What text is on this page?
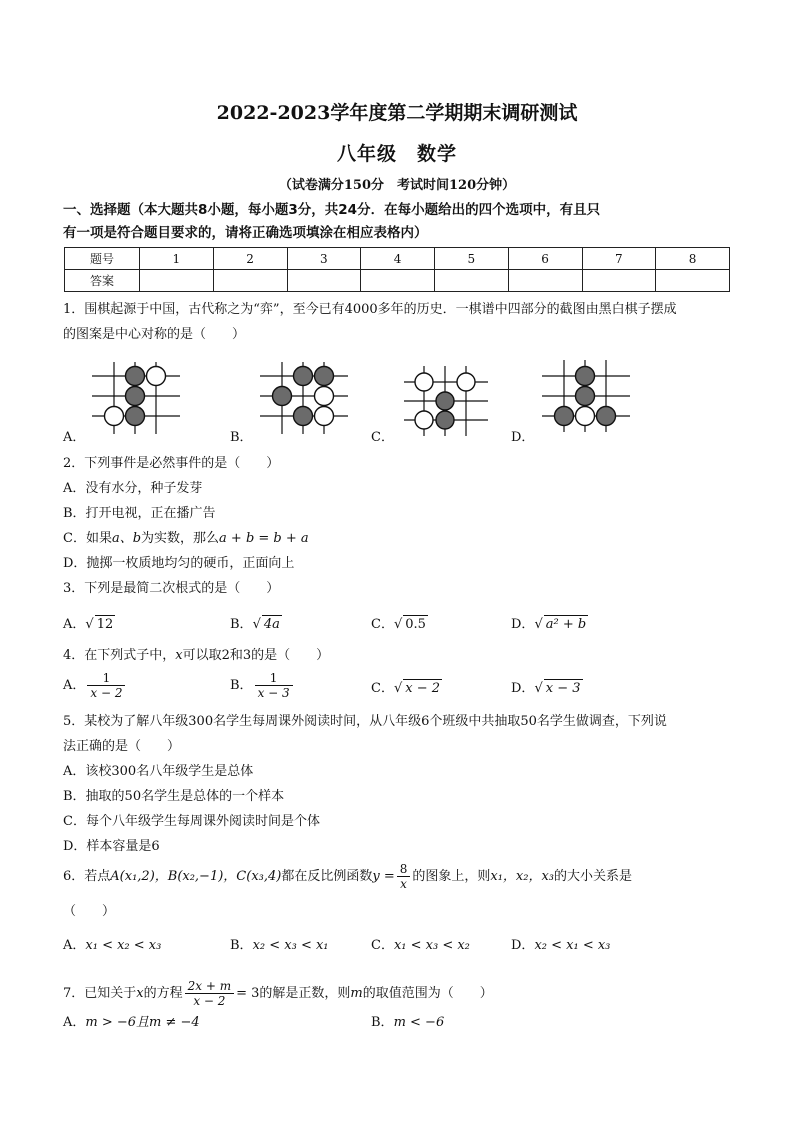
2022-2023学年度第二学期期末调研测试
八年级　数学
（试卷满分150分　考试时间120分钟）
一、选择题（本大题共8小题，每小题3分，共24分．在每小题给出的四个选项中，有且只
有一项是符合题目要求的，请将正确选项填涂在相应表格内）
题号	1	2	3	4	5	6	7	8
答案								
1．围棋起源于中国，古代称之为“弈”，至今已有4000多年的历史．一棋谱中四部分的截图由黑白棋子摆成
的图案是中心对称的是（　　）
A．	B．	C．	D．
2．下列事件是必然事件的是（　　）
A．没有水分，种子发芽
B．打开电视，正在播广告
C．如果a、b为实数，那么a + b = b + a
D．抛掷一枚质地均匀的硬币，正面向上
3．下列是最简二次根式的是（　　）
A．√ 12	B．√ 4a	C．√ 0.5	D．√ a² + b
4．在下列式子中，x可以取2和3的是（　　）
A． $\frac{1}{x - 2}$	B． $\frac{1}{x - 3}$	C．√ x − 2	D．√ x − 3
5．某校为了解八年级300名学生每周课外阅读时间，从八年级6个班级中共抽取50名学生做调查，下列说
法正确的是（　　）
A．该校300名八年级学生是总体
B．抽取的50名学生是总体的一个样本
C．每个八年级学生每周课外阅读时间是个体
D．样本容量是6
6．若点A(x₁,2)，B(x₂,−1)，C(x₃,4)都在反比例函数$y = \frac{8}{x}$ 的图象上，则x₁，x₂，x₃的大小关系是
（　　）
A．x₁ < x₂ < x₃	B．x₂ < x₃ < x₁	C．x₁ < x₃ < x₂	D．x₂ < x₁ < x₃
7．已知关于x的方程 $\frac{2x + m}{x - 2} = 3$的解是正数，则m的取值范围为（　　）
A．m > −6且m ≠ −4	B．m < −6
